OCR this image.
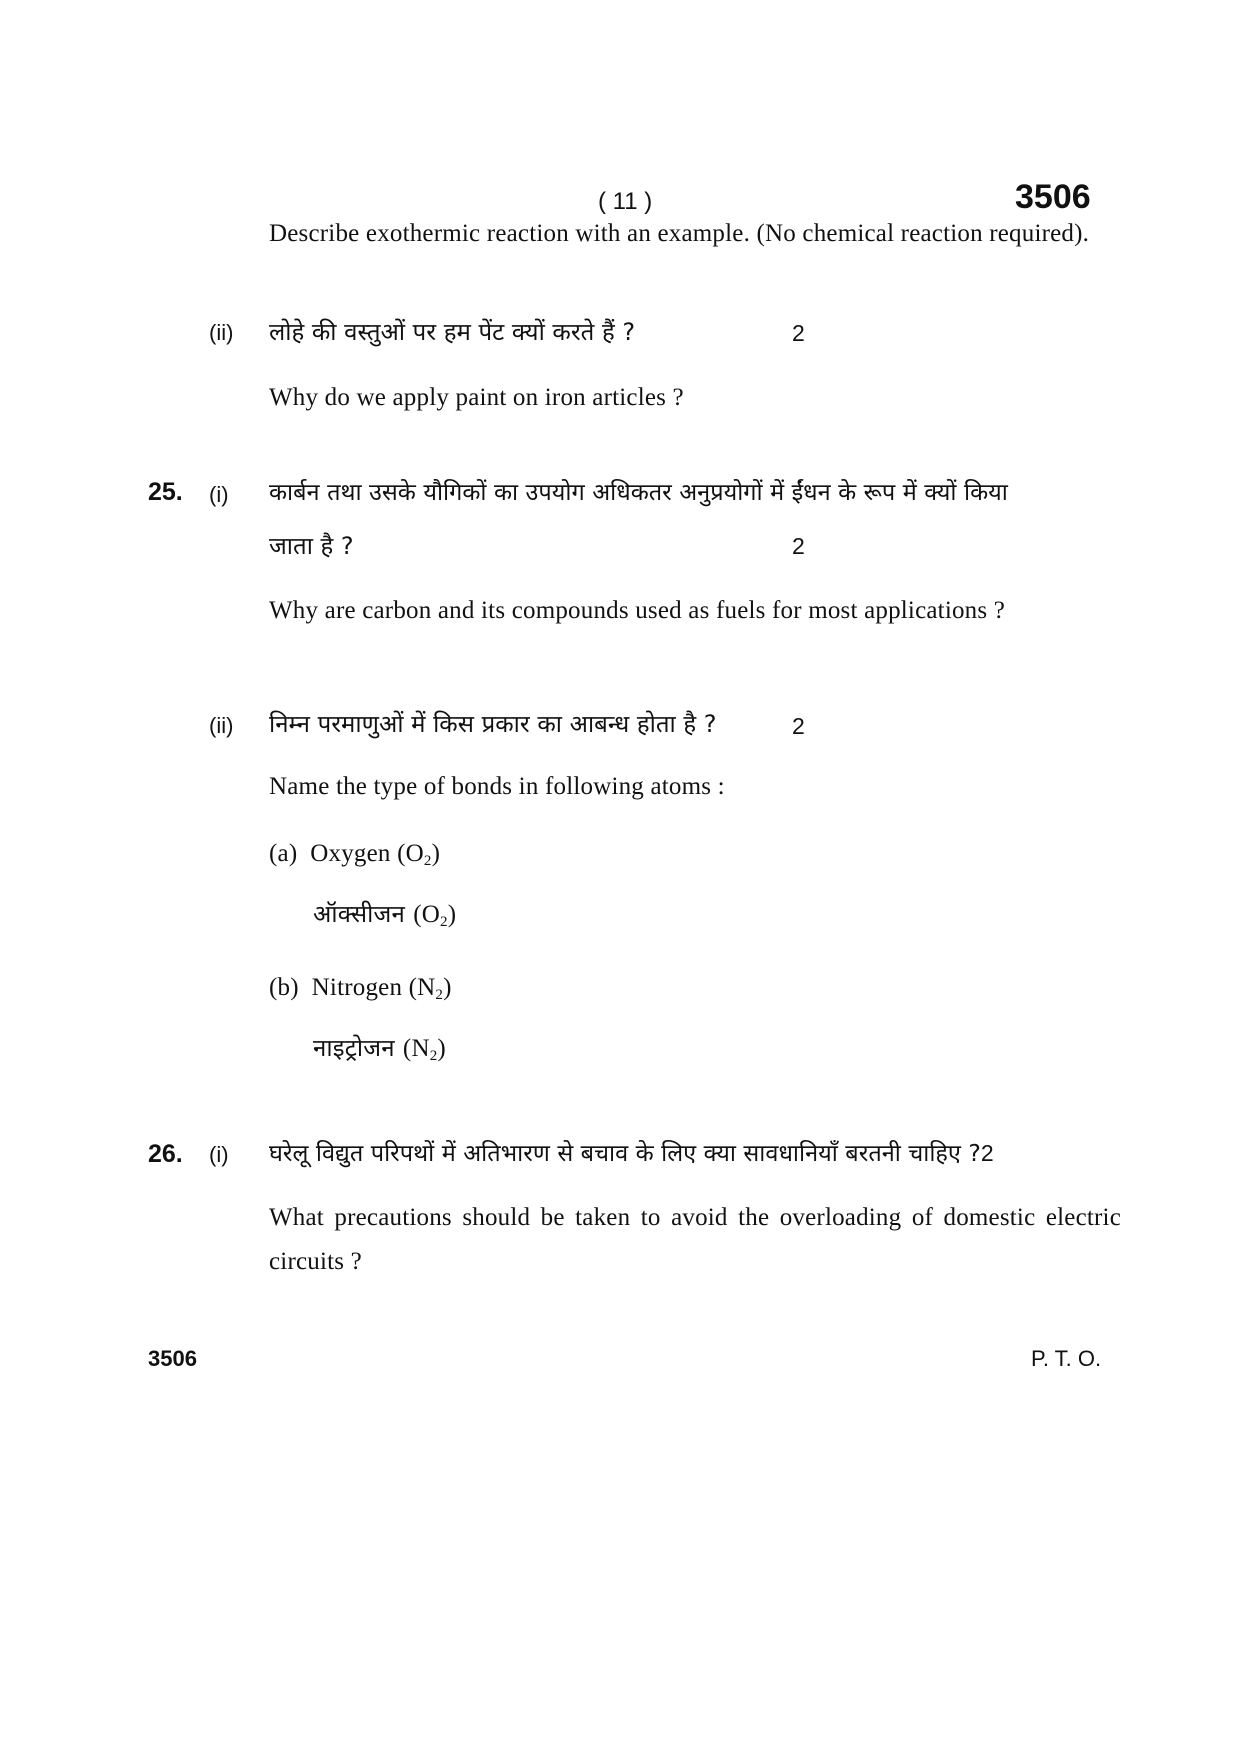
( 11 )	3506
Describe exothermic reaction with an example. (No chemical reaction required).
(ii) लोहे की वस्तुओं पर हम पेंट क्यों करते हैं ?	2
Why do we apply paint on iron articles ?
25. (i) कार्बन तथा उसके यौगिकों का उपयोग अधिकतर अनुप्रयोगों में ईंधन के रूप में क्यों किया
जाता है ?	2
Why are carbon and its compounds used as fuels for most applications ?
(ii) निम्न परमाणुओं में किस प्रकार का आबन्ध होता है ?	2
Name the type of bonds in following atoms :
(a) Oxygen $(O_2)$
ऑक्सीजन $(O_2)$
(b) Nitrogen $(N_2)$
नाइट्रोजन $(N_2)$
26. (i) घरेलू विद्युत परिपथों में अतिभारण से बचाव के लिए क्या सावधानियाँ बरतनी चाहिए ?2
What precautions should be taken to avoid the overloading of domestic electric circuits ?
3506	P. T. O.
